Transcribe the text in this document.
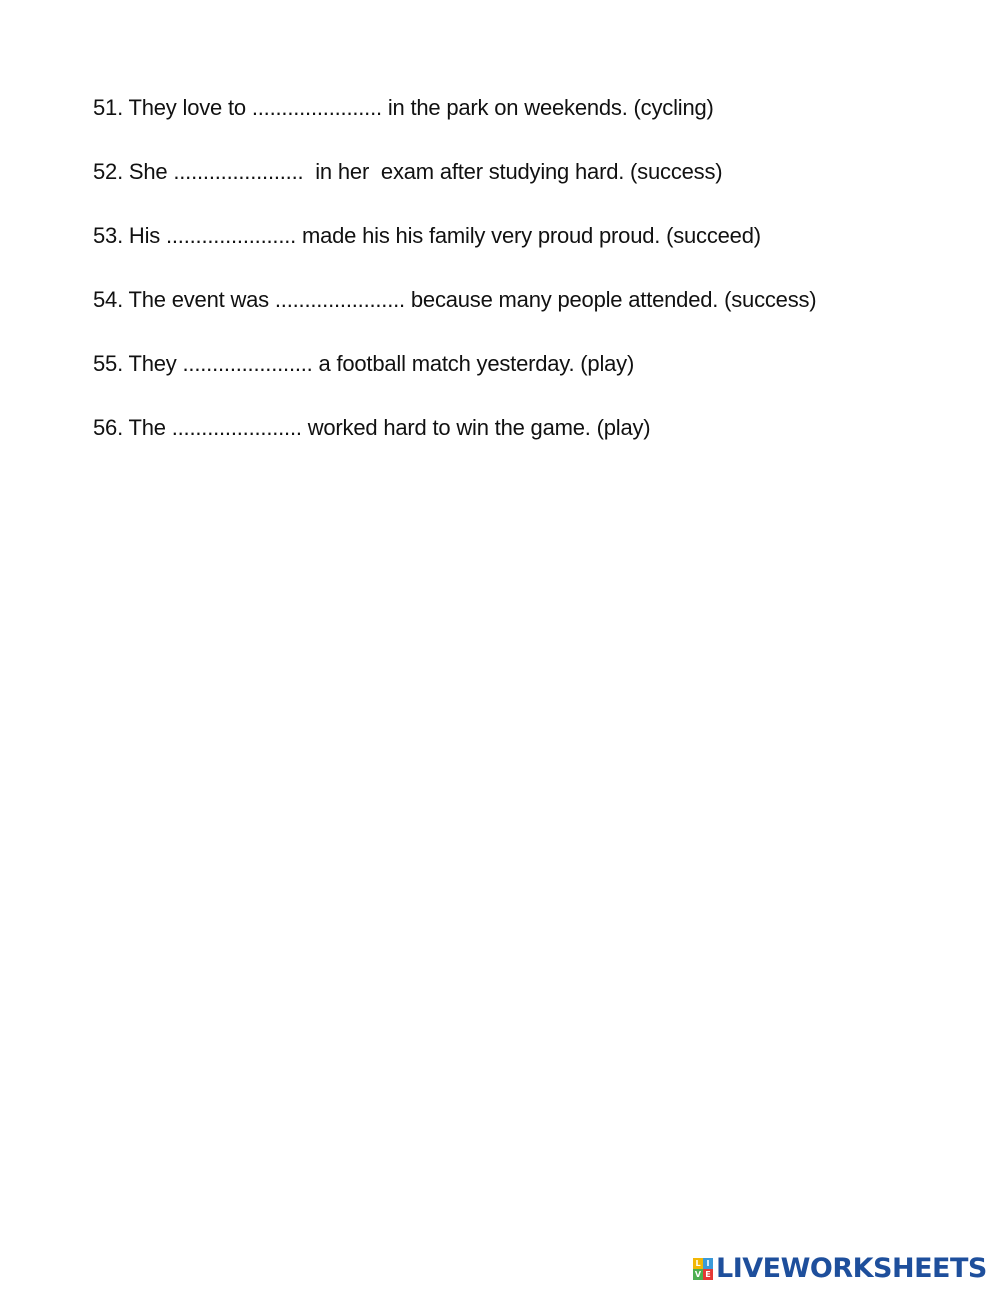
51. They love to ...................... in the park on weekends. (cycling)
52. She ......................  in her  exam after studying hard. (success)
53. His ...................... made his his family very proud proud. (succeed)
54. The event was ...................... because many people attended. (success)
55. They ...................... a football match yesterday. (play)
56. The ...................... worked hard to win the game. (play)
L I
V E LIVEWORKSHEETS
